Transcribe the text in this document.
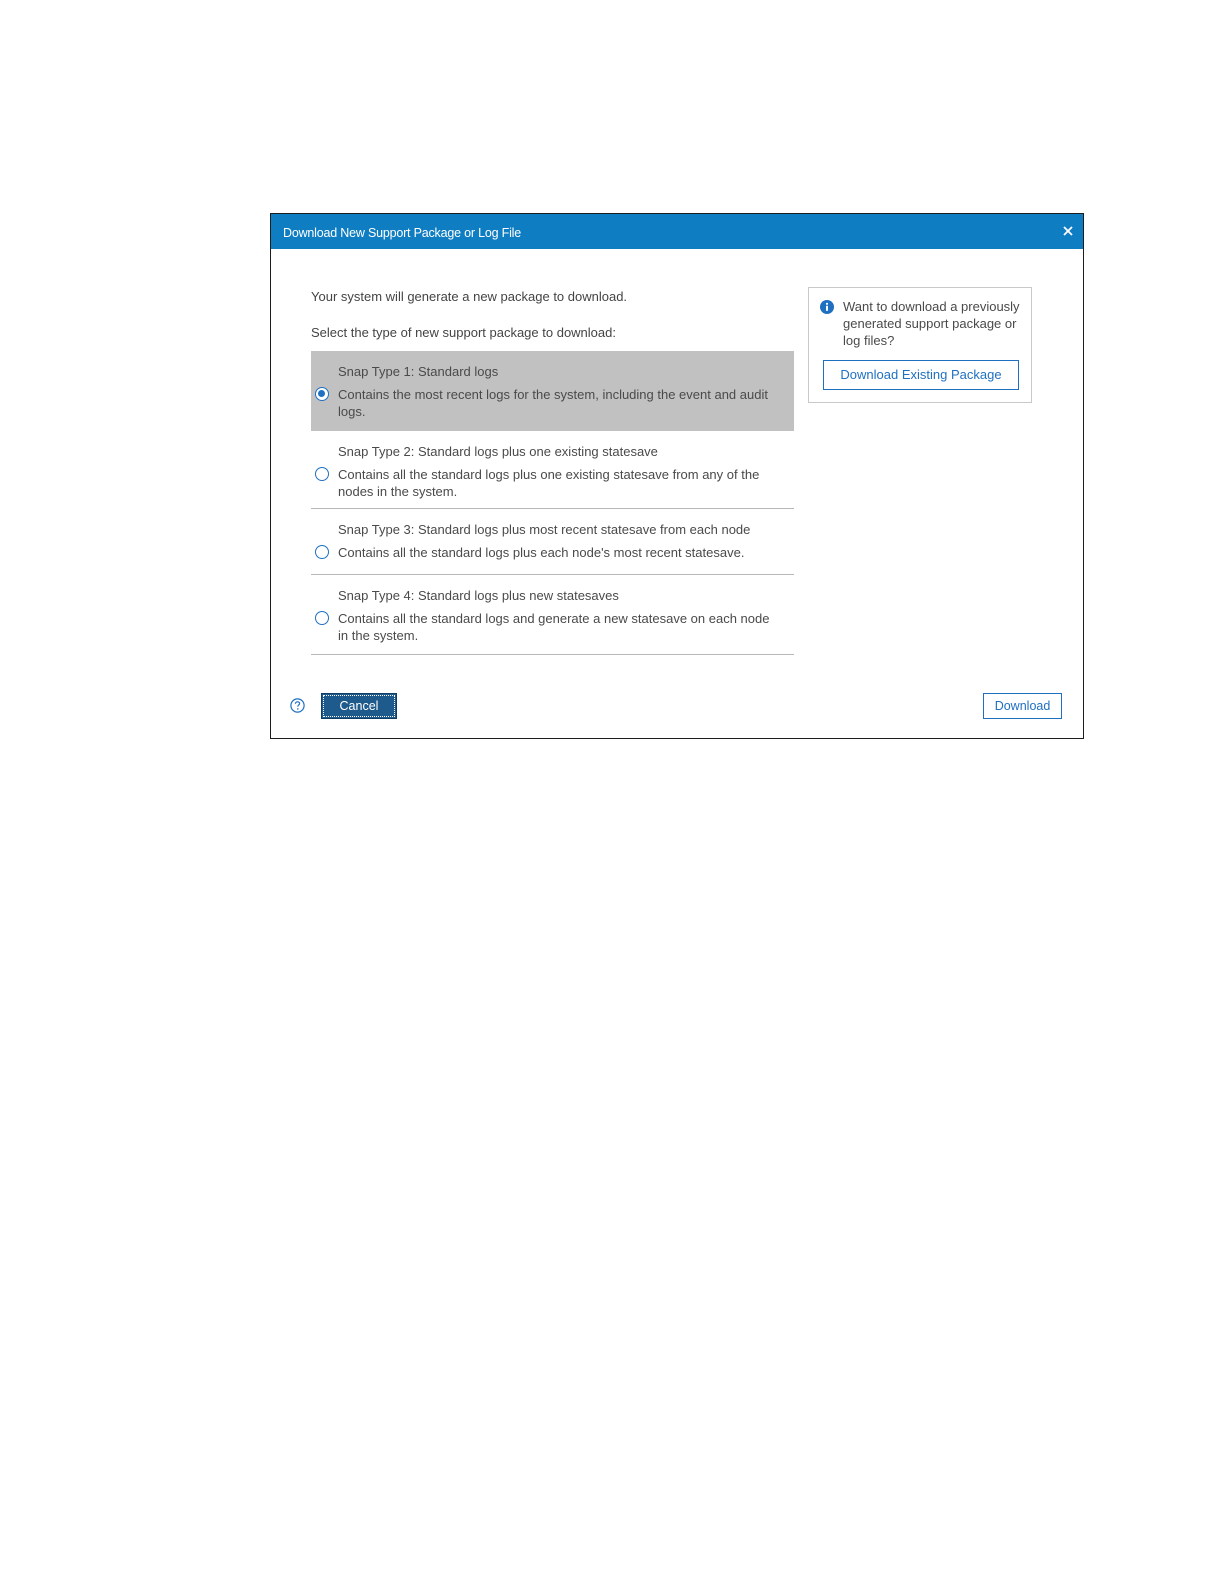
Download New Support Package or Log File
Your system will generate a new package to download.
Select the type of new support package to download:
Snap Type 1: Standard logs
Contains the most recent logs for the system, including the event and audit logs.
Snap Type 2: Standard logs plus one existing statesave
Contains all the standard logs plus one existing statesave from any of the nodes in the system.
Snap Type 3: Standard logs plus most recent statesave from each node
Contains all the standard logs plus each node's most recent statesave.
Snap Type 4: Standard logs plus new statesaves
Contains all the standard logs and generate a new statesave on each node in the system.
Want to download a previously generated support package or log files?
Download Existing Package
Cancel	Download
